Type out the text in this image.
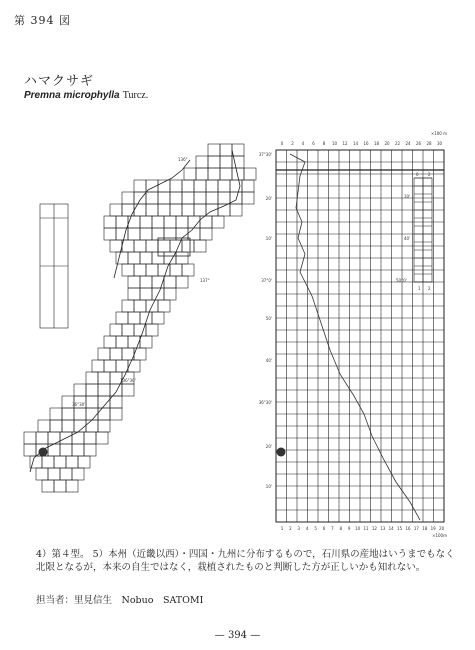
第 394 図
ハマクサギ
Premna microphylla Turcz.
0 2 4 6 8 10 12 14 16 18 20 22 24 26 28 30
×100 m
1 2 3 4 5 6 7 8 9 10 11 12 13 14 15 16 17 18 19 20
×100m
37°30'
20'
10'
37°0'
50'
40'
36°30'
20'
10'
136°
137°
136°30'
36°30'
0 2
10'
40'
50°0'
1 2

4）第４型。 5）本州（近畿以西）・四国・九州に分布するもので，石川県の産地はいうまでもなく北限となるが，本来の自生ではなく，栽植されたものと判断した方が正しいかも知れない。

担当者：里見信生　Nobuo　SATOMI
— 394 —
